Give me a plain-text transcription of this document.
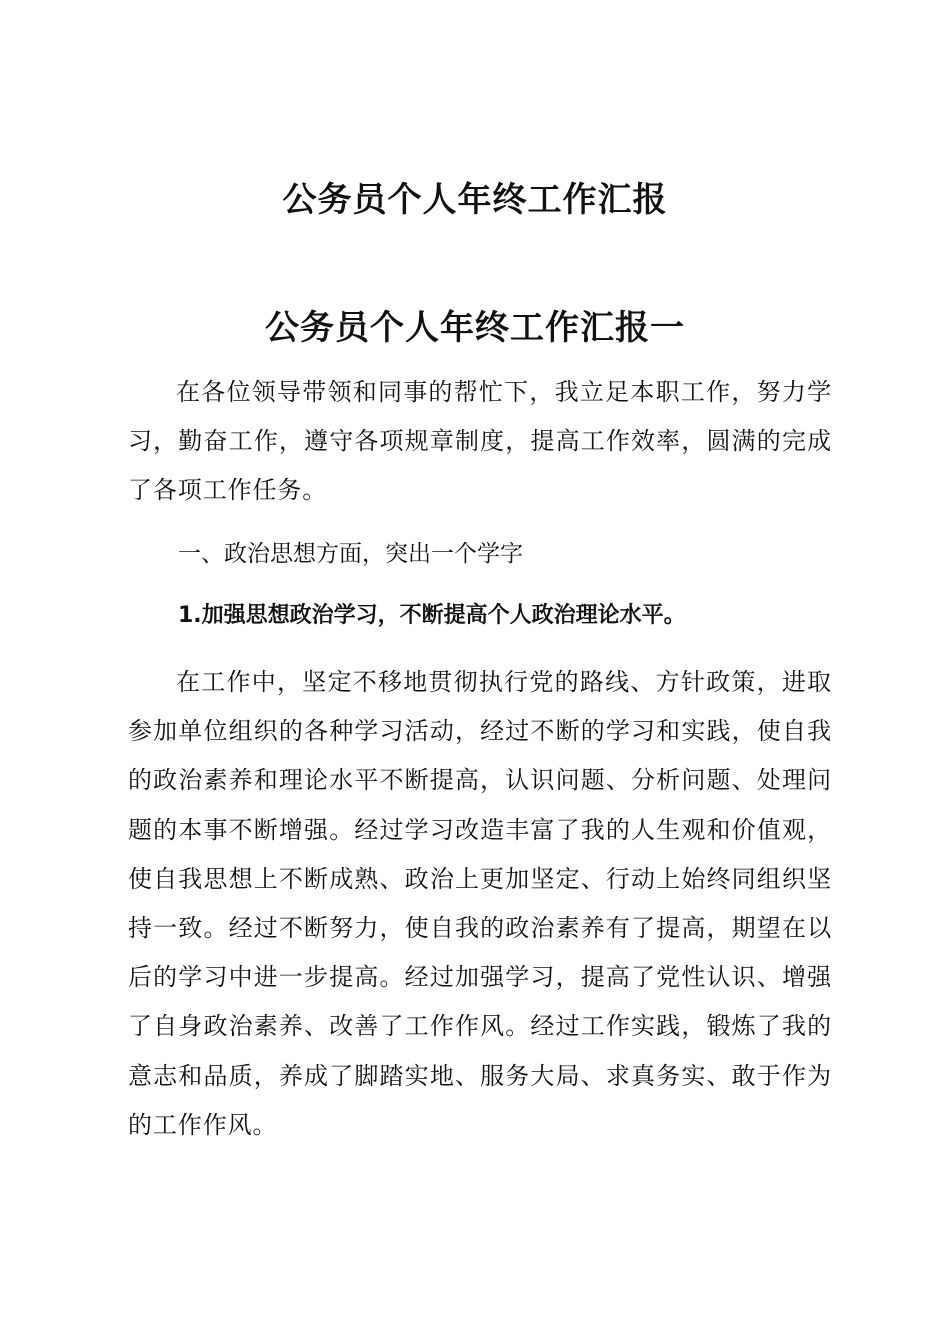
公务员个人年终工作汇报
公务员个人年终工作汇报一

在各位领导带领和同事的帮忙下，我立足本职工作，努力学习，勤奋工作，遵守各项规章制度，提高工作效率，圆满的完成了各项工作任务。

一、政治思想方面，突出一个学字

1.加强思想政治学习，不断提高个人政治理论水平。

在工作中，坚定不移地贯彻执行党的路线、方针政策，进取参加单位组织的各种学习活动，经过不断的学习和实践，使自我的政治素养和理论水平不断提高，认识问题、分析问题、处理问题的本事不断增强。经过学习改造丰富了我的人生观和价值观，使自我思想上不断成熟、政治上更加坚定、行动上始终同组织坚持一致。经过不断努力，使自我的政治素养有了提高，期望在以后的学习中进一步提高。经过加强学习，提高了党性认识、增强了自身政治素养、改善了工作作风。经过工作实践，锻炼了我的意志和品质，养成了脚踏实地、服务大局、求真务实、敢于作为的工作作风。
